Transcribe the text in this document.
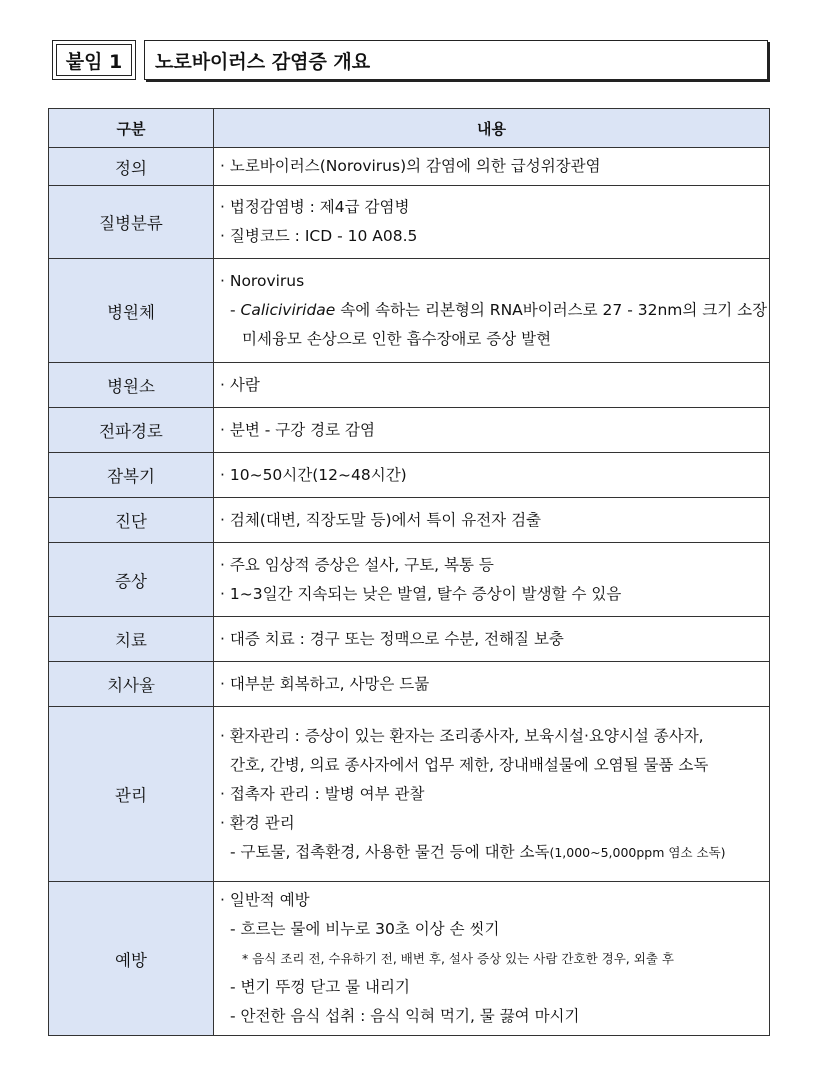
붙임 1	노로바이러스 감염증 개요
구분	내용
정의	· 노로바이러스(Norovirus)의 감염에 의한 급성위장관염

질병분류	· 법정감염병 : 제4급 감염병
· 질병코드 : ICD - 10 A08.5

병원체	· Norovirus
- Caliciviridae 속에 속하는 리본형의 RNA바이러스로 27 - 32nm의 크기 소장
미세융모 손상으로 인한 흡수장애로 증상 발현

병원소	· 사람

전파경로	· 분변 - 구강 경로 감염

잠복기	· 10~50시간(12~48시간)

진단	· 검체(대변, 직장도말 등)에서 특이 유전자 검출

증상	· 주요 임상적 증상은 설사, 구토, 복통 등
· 1~3일간 지속되는 낮은 발열, 탈수 증상이 발생할 수 있음

치료	· 대증 치료 : 경구 또는 정맥으로 수분, 전해질 보충

치사율	· 대부분 회복하고, 사망은 드묾

관리	· 환자관리 : 증상이 있는 환자는 조리종사자, 보육시설·요양시설 종사자,
간호, 간병, 의료 종사자에서 업무 제한, 장내배설물에 오염될 물품 소독
· 접촉자 관리 : 발병 여부 관찰
· 환경 관리
- 구토물, 접촉환경, 사용한 물건 등에 대한 소독(1,000~5,000ppm 염소 소독)

예방	· 일반적 예방
- 흐르는 물에 비누로 30초 이상 손 씻기
* 음식 조리 전, 수유하기 전, 배변 후, 설사 증상 있는 사람 간호한 경우, 외출 후
- 변기 뚜껑 닫고 물 내리기
- 안전한 음식 섭취 : 음식 익혀 먹기, 물 끓여 마시기
